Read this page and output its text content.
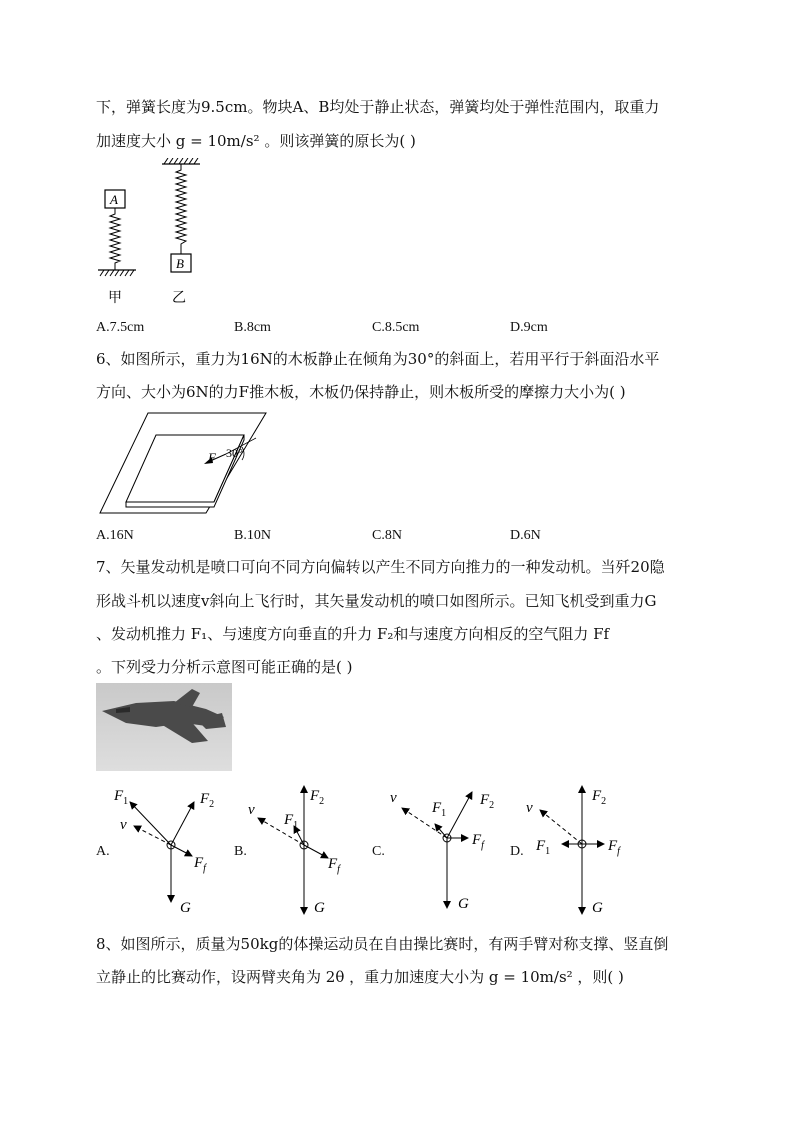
下，弹簧长度为9.5cm。物块A、B均处于静止状态，弹簧均处于弹性范围内，取重力
加速度大小 g = 10m/s² 。则该弹簧的原长为( )
A
B
甲	乙
A.7.5cm	B.8cm	C.8.5cm	D.9cm
6、如图所示，重力为16N的木板静止在倾角为30°的斜面上，若用平行于斜面沿水平
方向、大小为6N的力F推木板，木板仍保持静止，则木板所受的摩擦力大小为( )
F 30°
A.16N	B.10N	C.8N	D.6N
7、矢量发动机是喷口可向不同方向偏转以产生不同方向推力的一种发动机。当歼20隐
形战斗机以速度v斜向上飞行时，其矢量发动机的喷口如图所示。已知飞机受到重力G
、发动机推力 F₁、与速度方向垂直的升力 F₂和与速度方向相反的空气阻力 Ff
。下列受力分析示意图可能正确的是( )
A.	B.	C.	D.
$F_1$	$F_2$
v
$F_f$
G
$F_2$
$F_1$
v
$F_f$
G
$F_2$
$F_1$
v
$F_f$
G
$F_2$
$F_1$
v
$F_f$
G
8、如图所示，质量为50kg的体操运动员在自由操比赛时，有两手臂对称支撑、竖直倒
立静止的比赛动作，设两臂夹角为 2θ ，重力加速度大小为 g = 10m/s² ，则( )
